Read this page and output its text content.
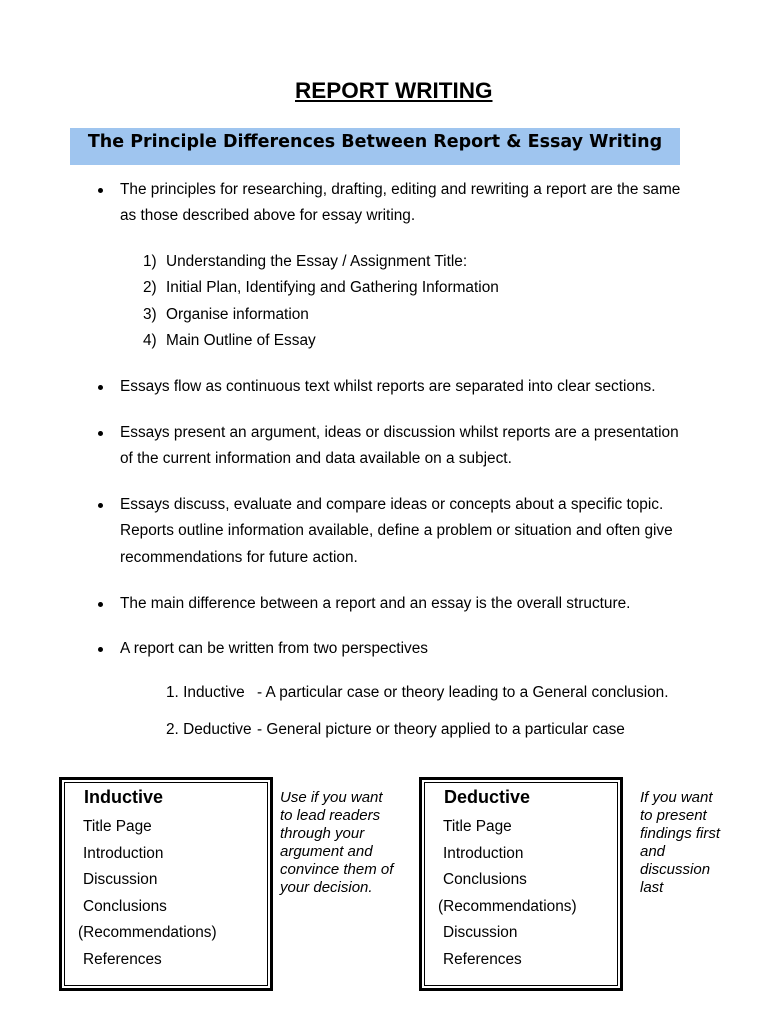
REPORT WRITING
The Principle Differences Between Report & Essay Writing
The principles for researching, drafting, editing and rewriting a report are the same
as those described above for essay writing.
1) Understanding the Essay / Assignment Title:
2) Initial Plan, Identifying and Gathering Information
3) Organise information
4) Main Outline of Essay
Essays flow as continuous text whilst reports are separated into clear sections.
Essays present an argument, ideas or discussion whilst reports are a presentation
of the current information and data available on a subject.
Essays discuss, evaluate and compare ideas or concepts about a specific topic.
Reports outline information available, define a problem or situation and often give
recommendations for future action.
The main difference between a report and an essay is the overall structure.
A report can be written from two perspectives
1. Inductive - A particular case or theory leading to a General conclusion.
2. Deductive - General picture or theory applied to a particular case
Inductive
Title Page
Introduction
Discussion
Conclusions
(Recommendations)
References
Use if you want
to lead readers
through your
argument and
convince them of
your decision.
Deductive
Title Page
Introduction
Conclusions
(Recommendations)
Discussion
References
If you want
to present
findings first
and
discussion
last
